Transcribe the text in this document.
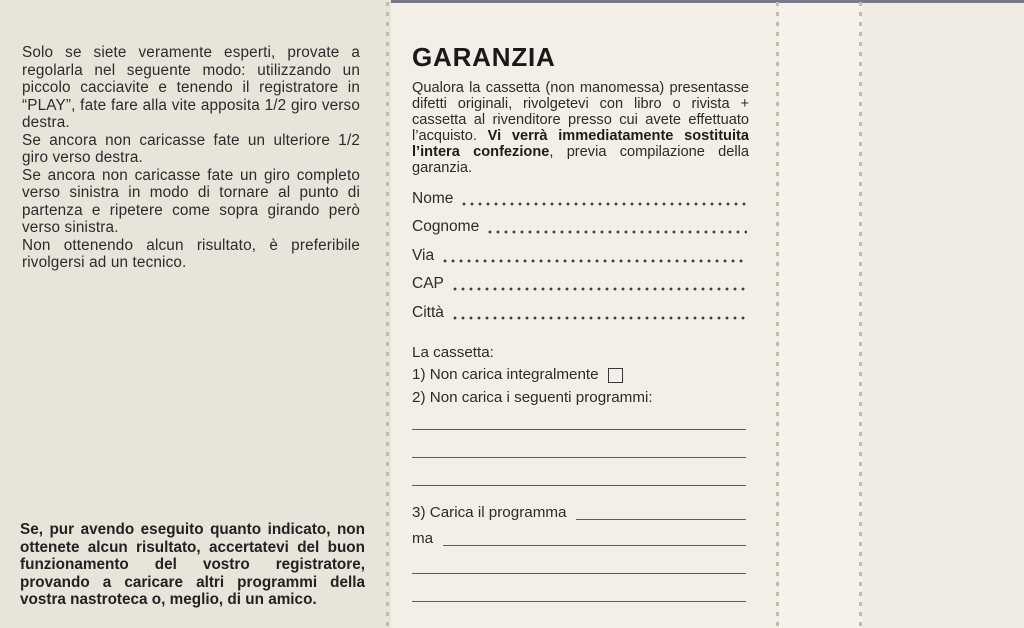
Solo se siete veramente esperti, provate a regolarla nel seguente modo: utilizzando un piccolo cacciavite e tenendo il registratore in “PLAY”, fate fare alla vite apposita 1/2 giro verso destra.

Se ancora non caricasse fate un ulteriore 1/2 giro verso destra.

Se ancora non caricasse fate un giro completo verso sinistra in modo di tornare al punto di partenza e ripetere come sopra girando però verso sinistra.

Non ottenendo alcun risultato, è preferibile rivolgersi ad un tecnico.

Se, pur avendo eseguito quanto indicato, non ottenete alcun risultato, accertatevi del buon funzionamento del vostro registratore, provando a caricare altri programmi della vostra nastroteca o, meglio, di un amico.
GARANZIA
Qualora la cassetta (non manomessa) presentasse difetti originali, rivolgetevi con libro o rivista + cassetta al rivenditore presso cui avete effettuato l’acquisto. Vi verrà immediatamente sostituita l’intera confezione, previa compilazione della garanzia.
Nome
Cognome
Via
CAP
Città
La cassetta:
1) Non carica integralmente
2) Non carica i seguenti programmi:
3) Carica il programma
ma
